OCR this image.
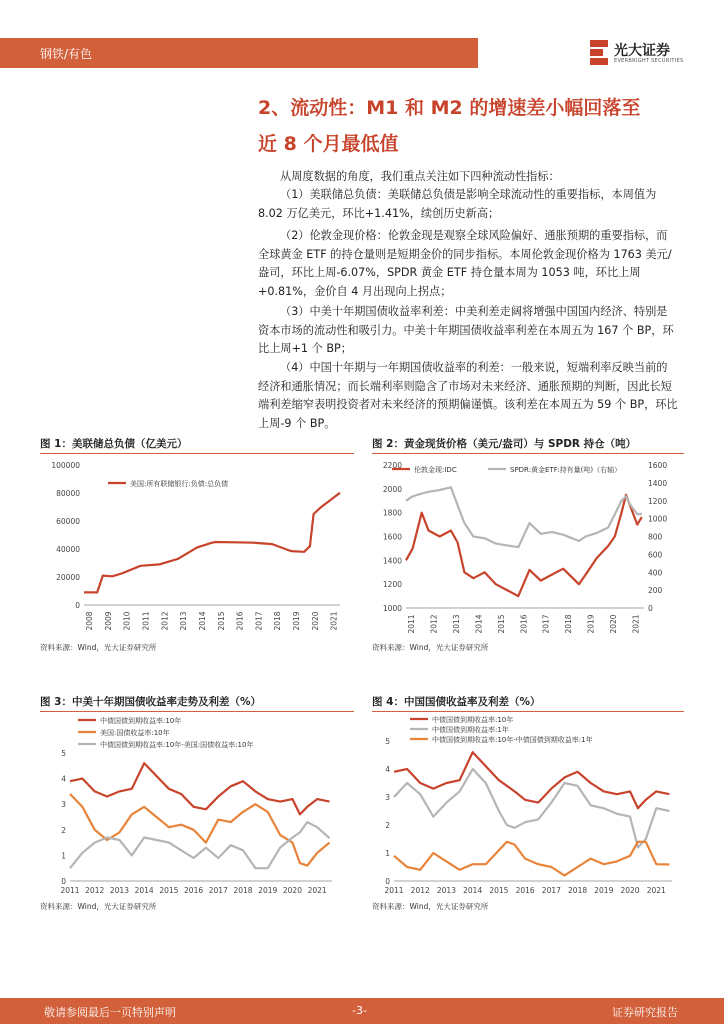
钢铁/有色	光大证券
EVERBRIGHT SECURITIES
2、流动性：M1 和 M2 的增速差小幅回落至
近 8 个月最低值
从周度数据的角度，我们重点关注如下四种流动性指标：
（1）美联储总负债：美联储总负债是影响全球流动性的重要指标，本周值为 8.02 万亿美元，环比+1.41%，续创历史新高；
（2）伦敦金现价格：伦敦金现是观察全球风险偏好、通胀预期的重要指标，而全球黄金 ETF 的持仓量则是短期金价的同步指标。本周伦敦金现价格为 1763 美元/盎司，环比上周-6.07%，SPDR 黄金 ETF 持仓量本周为 1053 吨，环比上周+0.81%，金价自 4 月出现向上拐点；
（3）中美十年期国债收益率利差：中美利差走阔将增强中国国内经济、特别是资本市场的流动性和吸引力。中美十年期国债收益率利差在本周五为 167 个 BP，环比上周+1 个 BP；
（4）中国十年期与一年期国债收益率的利差：一般来说，短端利率反映当前的经济和通胀情况；而长端利率则隐含了市场对未来经济、通胀预期的判断，因此长短端利差缩窄表明投资者对未来经济的预期偏谨慎。该利差在本周五为 59 个 BP，环比上周-9 个 BP。
图 1：美联储总负债（亿美元）
100000
80000
60000
40000
20000
0
2008 2009 2010 2011 2012 2013 2014 2015 2016 2017 2018 2019 2020 2021
美国:所有联储银行:负债:总负债
资料来源：Wind，光大证券研究所
图 2：黄金现货价格（美元/盎司）与 SPDR 持仓（吨）
2200
2000
1800
1600
1400
1200
1000
1600
1400
1200
1000
800
600
400
200
0
2011 2012 2013 2014 2015 2016 2017 2018 2019 2020 2021
伦敦金现:IDC	SPDR:黄金ETF:持有量(吨)（右轴）
资料来源：Wind，光大证券研究所
图 3：中美十年期国债收益率走势及利差（%）
5
4
3
2
1
0
2011 2012 2013 2014 2015 2016 2017 2018 2019 2020 2021
中债国债到期收益率:10年
美国:国债收益率:10年
中债国债到期收益率:10年-美国:国债收益率:10年
资料来源：Wind，光大证券研究所
图 4：中国国债收益率及利差（%）
5
4
3
2
1
0
2011 2012 2013 2014 2015 2016 2017 2018 2019 2020 2021
中债国债到期收益率:10年
中债国债到期收益率:1年
中债国债到期收益率:10年-中债国债到期收益率:1年
资料来源：Wind，光大证券研究所
敬请参阅最后一页特别声明	-3-	证券研究报告
